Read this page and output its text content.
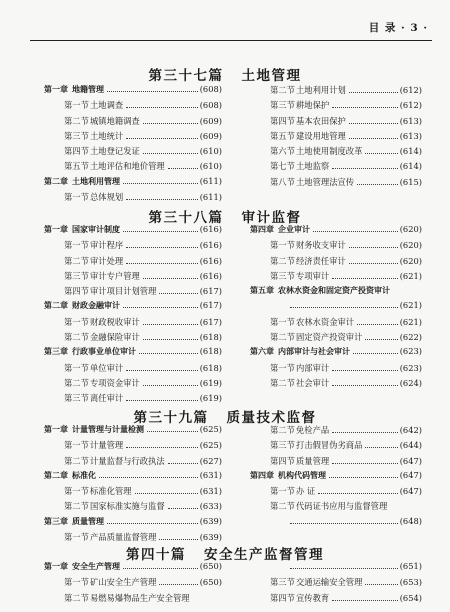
目 录 · 3 ·
第三十七篇 土地管理
第一章 地籍管理	(608)
第一节 土地调查	(608)
第二节 城镇地籍调查	(609)
第三节 土地统计	(609)
第四节 土地登记发证	(610)
第五节 土地评估和地价管理	(610)
第二章 土地利用管理	(611)
第一节 总体规划	(611)
第二节 土地利用计划	(612)
第三节 耕地保护	(612)
第四节 基本农田保护	(613)
第五节 建设用地管理	(613)
第六节 土地使用制度改革	(614)
第七节 土地监察	(614)
第八节 土地管理法宣传	(615)
第三十八篇 审计监督
第一章 国家审计制度	(616)
第一节 审计程序	(616)
第二节 审计处理	(616)
第三节 审计专户管理	(616)
第四节 审计项目计划管理	(617)
第二章 财政金融审计	(617)
第一节 财政税收审计	(617)
第二节 金融保险审计	(618)
第三章 行政事业单位审计	(618)
第一节 单位审计	(618)
第二节 专项资金审计	(619)
第三节 离任审计	(619)
第四章 企业审计	(620)
第一节 财务收支审计	(620)
第二节 经济责任审计	(620)
第三节 专项审计	(621)
第五章 农林水资金和固定资产投资审计
(621)
第一节 农林水资金审计	(621)
第二节 固定资产投资审计	(622)
第六章 内部审计与社会审计	(623)
第一节 内部审计	(623)
第二节 社会审计	(624)
第三十九篇 质量技术监督
第一章 计量管理与计量检测	(625)
第一节 计量管理	(625)
第二节 计量监督与行政执法	(627)
第二章 标准化	(631)
第一节 标准化管理	(631)
第二节 国家标准实施与监督	(633)
第三章 质量管理	(639)
第一节 产品质量监督管理	(639)
第二节 免检产品	(642)
第三节 打击假冒伪劣商品	(644)
第四节 质量管理	(647)
第四章 机构代码管理	(647)
第一节 办 证	(647)
第二节 代码证书应用与监督管理
(648)
第四十篇 安全生产监督管理
第一章 安全生产管理	(650)
第一节 矿山安全生产管理	(650)
第二节 易燃易爆物品生产安全管理
(651)
第三节 交通运输安全管理	(653)
第四节 宣传教育	(654)
